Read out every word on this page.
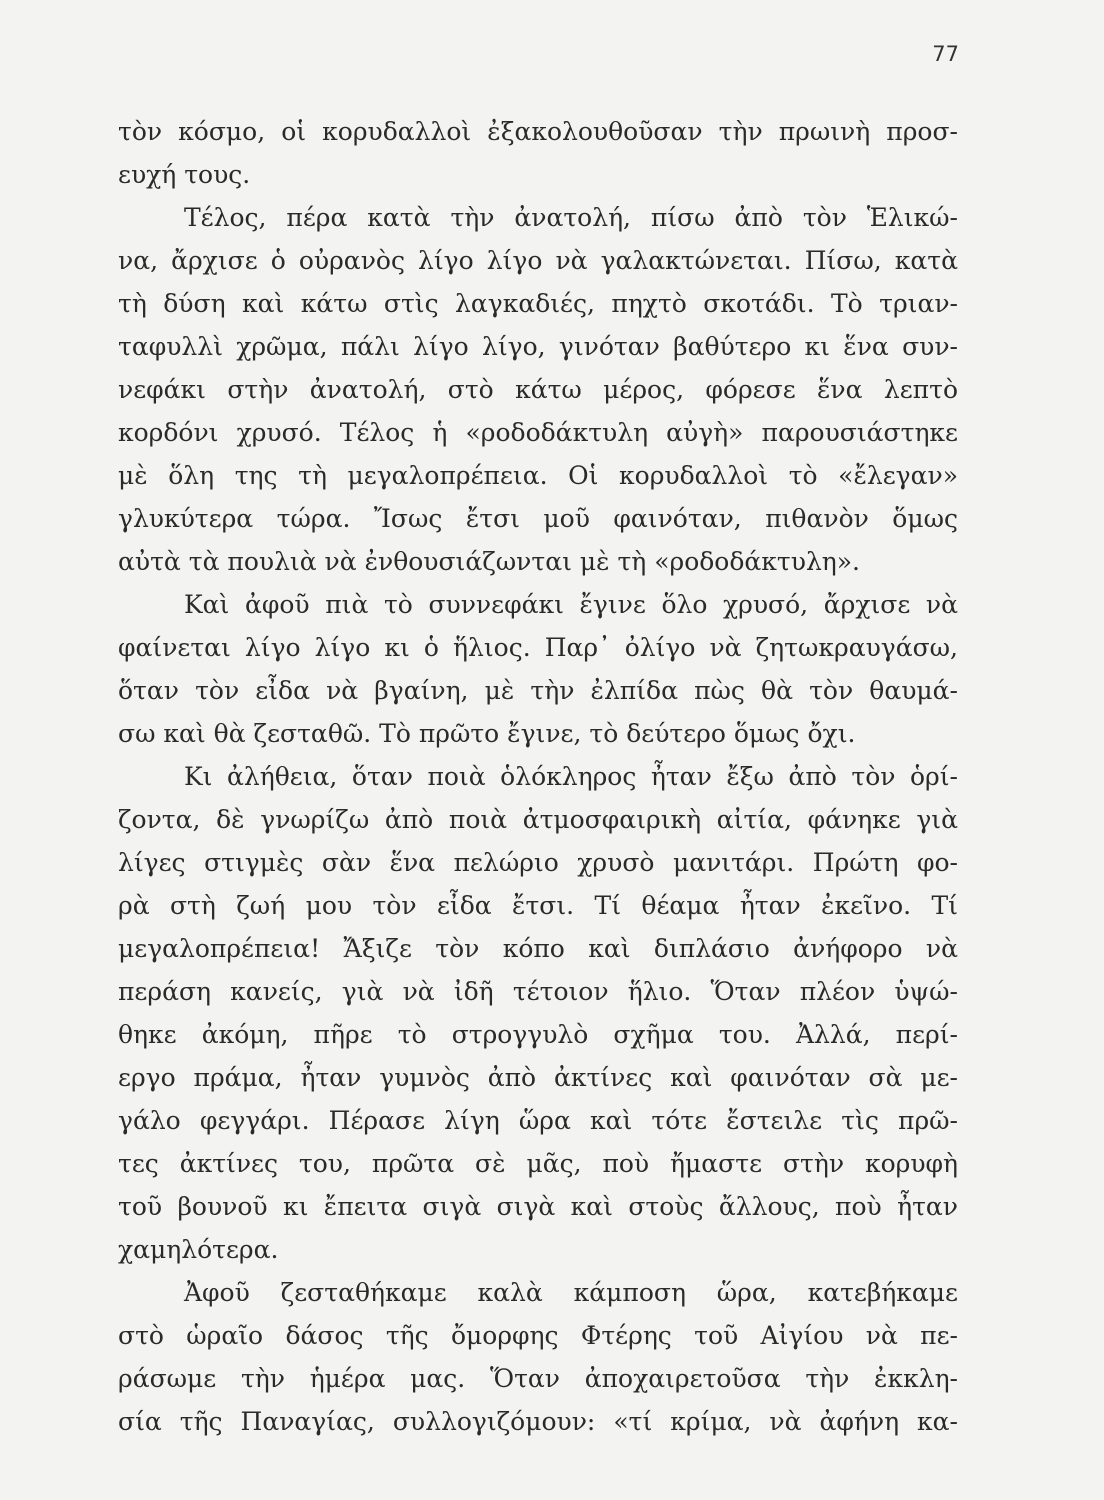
77
τὸν κόσμο, οἱ κορυδαλλοὶ ἐξακολουθοῦσαν τὴν πρωινὴ προσ-
ευχή τους.
Τέλος, πέρα κατὰ τὴν ἀνατολή, πίσω ἀπὸ τὸν Ἑλικώ-
να, ἄρχισε ὁ οὐρανὸς λίγο λίγο νὰ γαλακτώνεται. Πίσω, κατὰ
τὴ δύση καὶ κάτω στὶς λαγκαδιές, πηχτὸ σκοτάδι. Τὸ τριαν-
ταφυλλὶ χρῶμα, πάλι λίγο λίγο, γινόταν βαθύτερο κι ἕνα συν-
νεφάκι στὴν ἀνατολή, στὸ κάτω μέρος, φόρεσε ἕνα λεπτὸ
κορδόνι χρυσό. Τέλος ἡ «ροδοδάκτυλη αὐγὴ» παρουσιάστηκε
μὲ ὅλη της τὴ μεγαλοπρέπεια. Οἱ κορυδαλλοὶ τὸ «ἔλεγαν»
γλυκύτερα τώρα. Ἴσως ἔτσι μοῦ φαινόταν, πιθανὸν ὅμως
αὐτὰ τὰ πουλιὰ νὰ ἐνθουσιάζωνται μὲ τὴ «ροδοδάκτυλη».
Καὶ ἀφοῦ πιὰ τὸ συννεφάκι ἔγινε ὅλο χρυσό, ἄρχισε νὰ
φαίνεται λίγο λίγο κι ὁ ἥλιος. Παρ᾽ ὀλίγο νὰ ζητωκραυγάσω,
ὅταν τὸν εἶδα νὰ βγαίνη, μὲ τὴν ἐλπίδα πὼς θὰ τὸν θαυμά-
σω καὶ θὰ ζεσταθῶ. Τὸ πρῶτο ἔγινε, τὸ δεύτερο ὅμως ὄχι.
Κι ἀλήθεια, ὅταν ποιὰ ὁλόκληρος ἦταν ἔξω ἀπὸ τὸν ὁρί-
ζοντα, δὲ γνωρίζω ἀπὸ ποιὰ ἀτμοσφαιρικὴ αἰτία, φάνηκε γιὰ
λίγες στιγμὲς σὰν ἕνα πελώριο χρυσὸ μανιτάρι. Πρώτη φο-
ρὰ στὴ ζωή μου τὸν εἶδα ἔτσι. Τί θέαμα ἦταν ἐκεῖνο. Τί
μεγαλοπρέπεια! Ἄξιζε τὸν κόπο καὶ διπλάσιο ἀνήφορο νὰ
περάση κανείς, γιὰ νὰ ἰδῆ τέτοιον ἥλιο. Ὅταν πλέον ὑψώ-
θηκε ἀκόμη, πῆρε τὸ στρογγυλὸ σχῆμα του. Ἀλλά, περί-
εργο πράμα, ἦταν γυμνὸς ἀπὸ ἀκτίνες καὶ φαινόταν σὰ με-
γάλο φεγγάρι. Πέρασε λίγη ὥρα καὶ τότε ἔστειλε τὶς πρῶ-
τες ἀκτίνες του, πρῶτα σὲ μᾶς, ποὺ ἤμαστε στὴν κορυφὴ
τοῦ βουνοῦ κι ἔπειτα σιγὰ σιγὰ καὶ στοὺς ἄλλους, ποὺ ἦταν
χαμηλότερα.
Ἀφοῦ ζεσταθήκαμε καλὰ κάμποση ὥρα, κατεβήκαμε
στὸ ὡραῖο δάσος τῆς ὄμορφης Φτέρης τοῦ Αἰγίου νὰ πε-
ράσωμε τὴν ἡμέρα μας. Ὅταν ἀποχαιρετοῦσα τὴν ἐκκλη-
σία τῆς Παναγίας, συλλογιζόμουν: «τί κρίμα, νὰ ἀφήνη κα-
